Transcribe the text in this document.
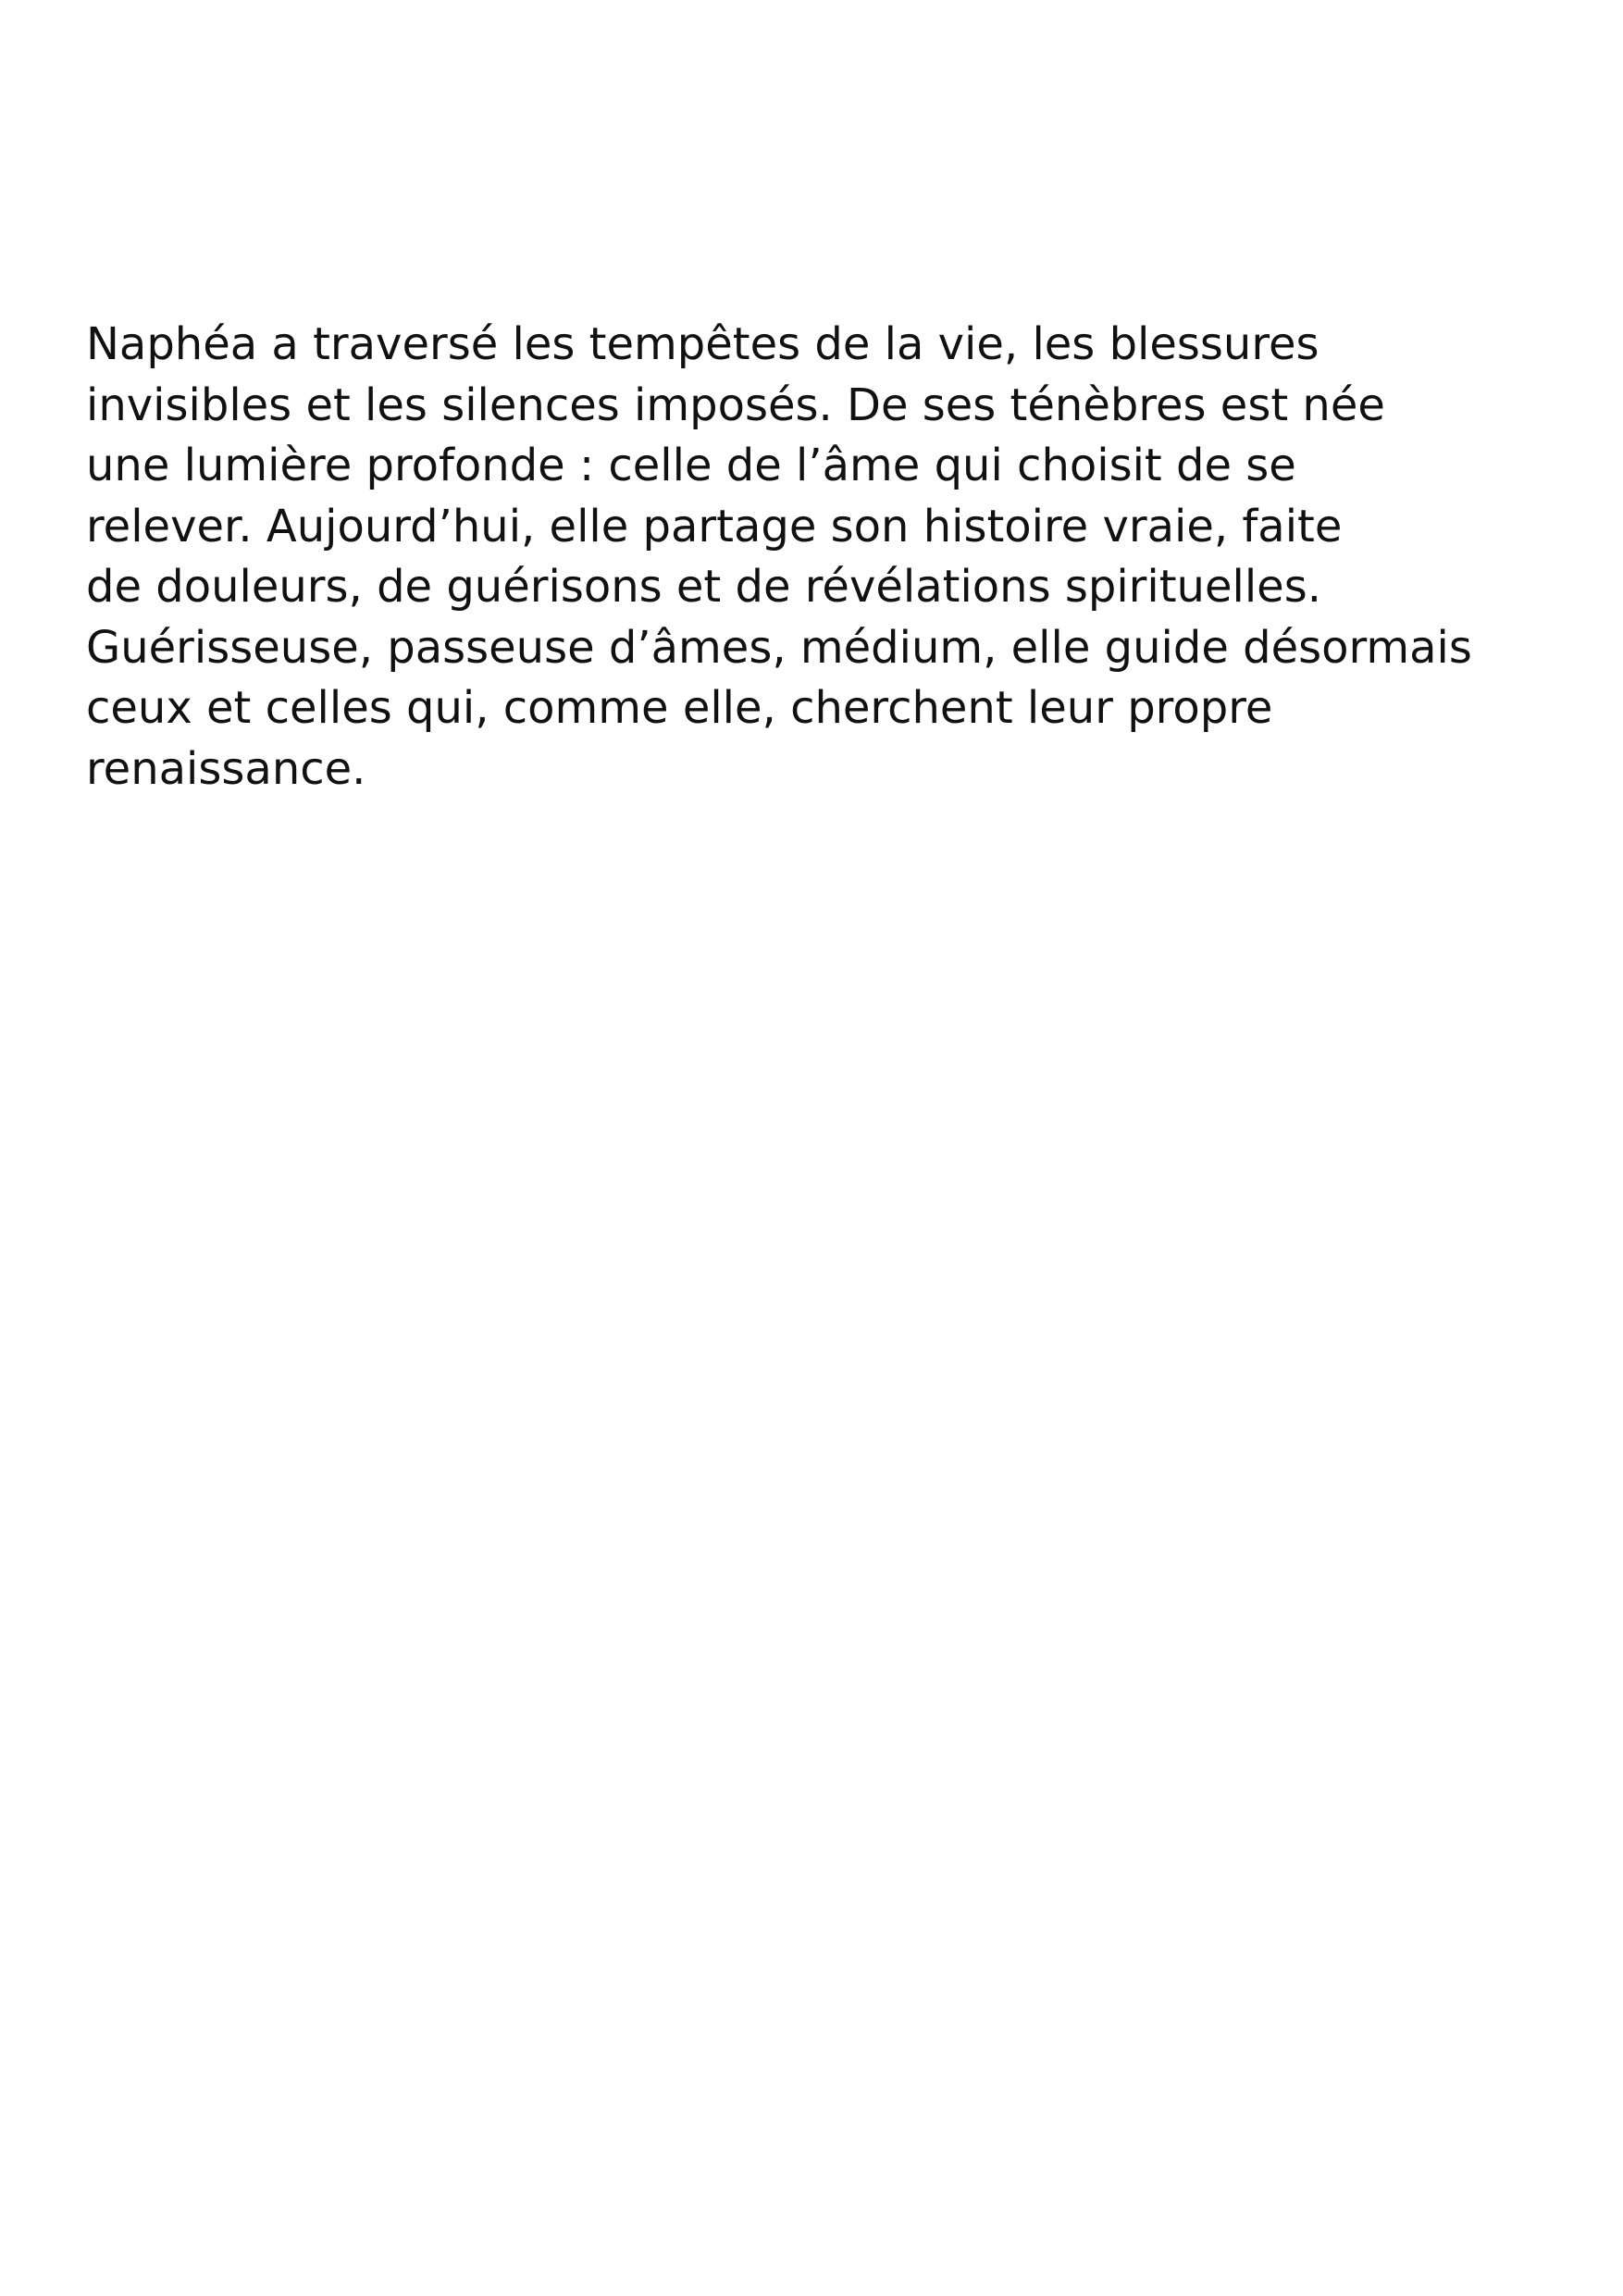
Naphéa a traversé les tempêtes de la vie, les blessures
invisibles et les silences imposés. De ses ténèbres est née
une lumière profonde : celle de l’âme qui choisit de se
relever. Aujourd’hui, elle partage son histoire vraie, faite
de douleurs, de guérisons et de révélations spirituelles.
Guérisseuse, passeuse d’âmes, médium, elle guide désormais
ceux et celles qui, comme elle, cherchent leur propre
renaissance.
